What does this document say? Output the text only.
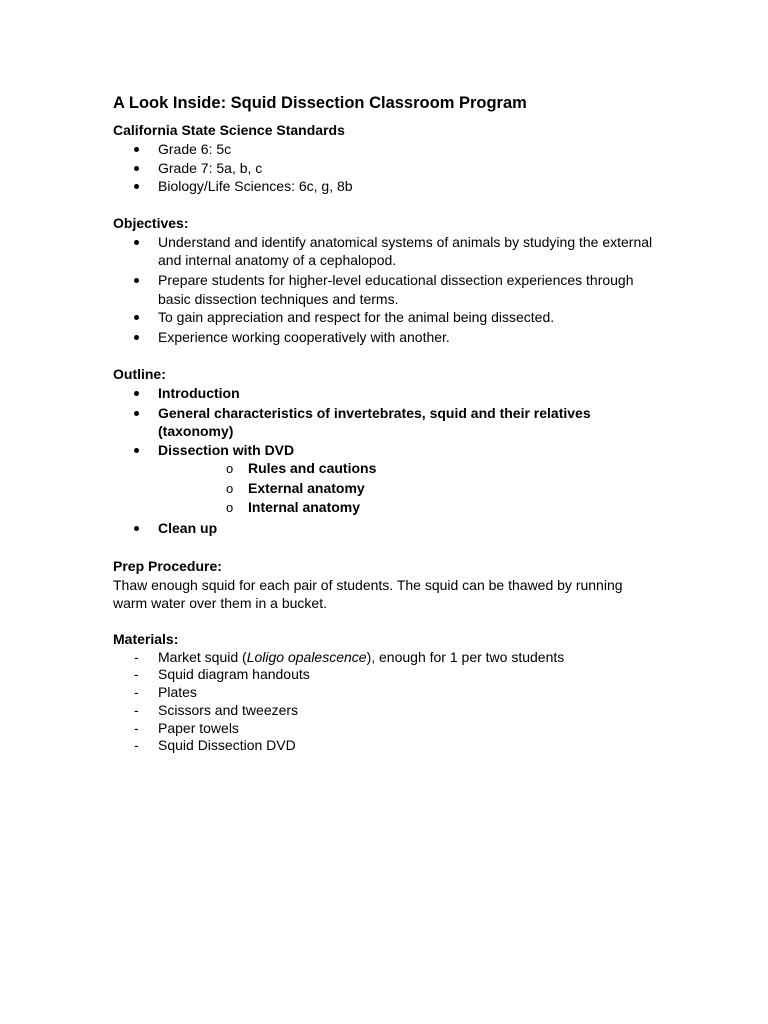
A Look Inside: Squid Dissection Classroom Program
California State Science Standards
Grade 6: 5c
Grade 7: 5a, b, c
Biology/Life Sciences: 6c, g, 8b
Objectives:
Understand and identify anatomical systems of animals by studying the external and internal anatomy of a cephalopod.
Prepare students for higher-level educational dissection experiences through basic dissection techniques and terms.
To gain appreciation and respect for the animal being dissected.
Experience working cooperatively with another.
Outline:
Introduction
General characteristics of invertebrates, squid and their relatives (taxonomy)
Dissection with DVD
o Rules and cautions
o External anatomy
o Internal anatomy
Clean up
Prep Procedure:

Thaw enough squid for each pair of students. The squid can be thawed by running warm water over them in a bucket.

Materials:
- Market squid (Loligo opalescence), enough for 1 per two students
- Squid diagram handouts
- Plates
- Scissors and tweezers
- Paper towels
- Squid Dissection DVD
